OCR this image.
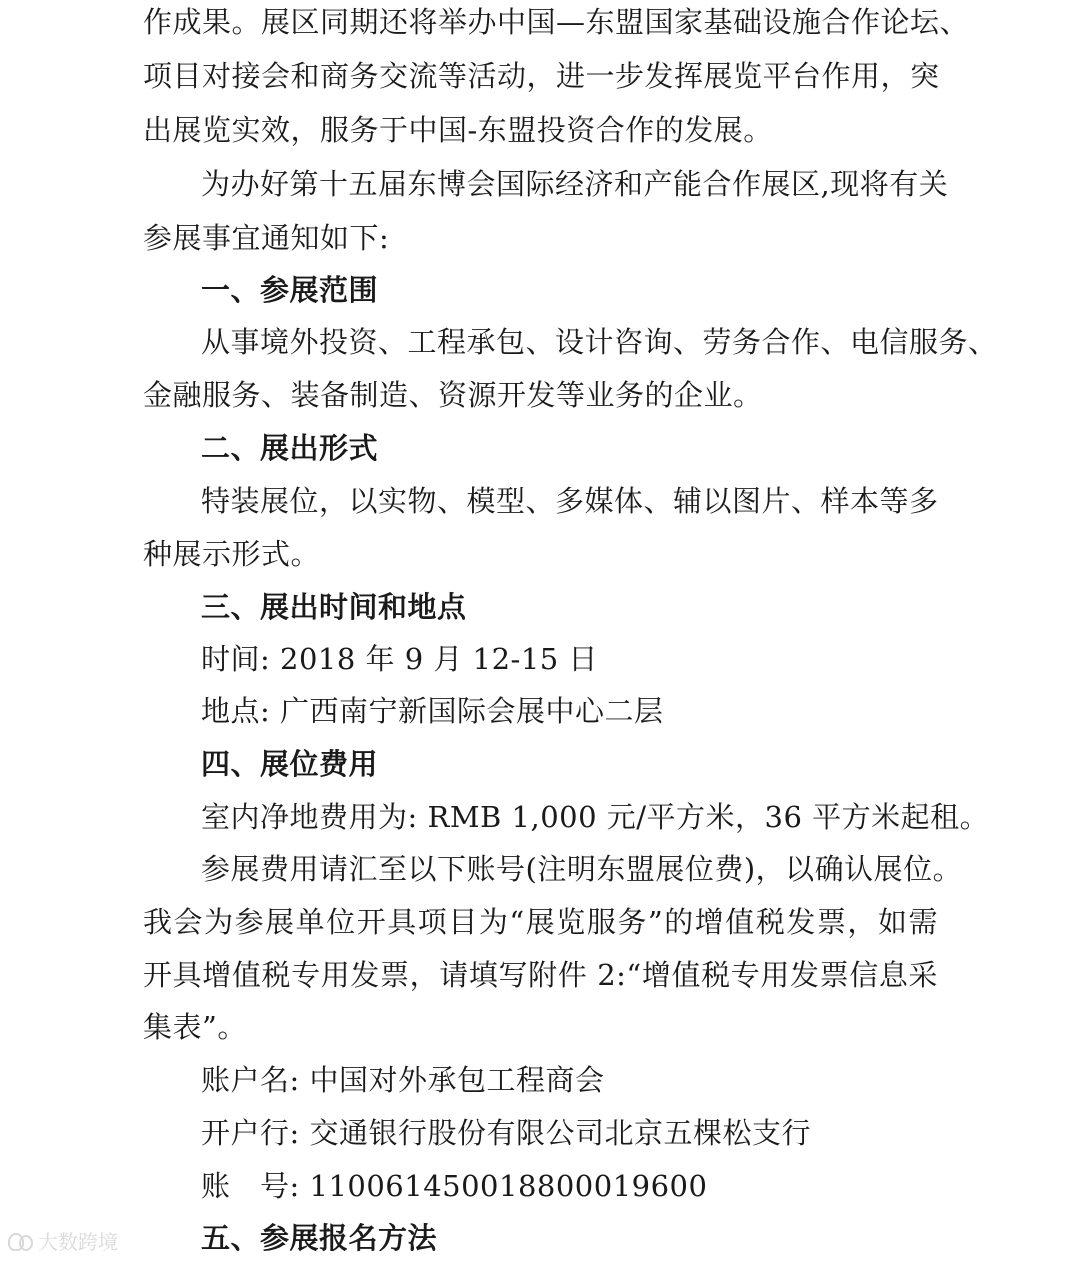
作成果。展区同期还将举办中国—东盟国家基础设施合作论坛、
项目对接会和商务交流等活动，进一步发挥展览平台作用，突
出展览实效，服务于中国-东盟投资合作的发展。
为办好第十五届东博会国际经济和产能合作展区,现将有关
参展事宜通知如下:
一、参展范围
从事境外投资、工程承包、设计咨询、劳务合作、电信服务、
金融服务、装备制造、资源开发等业务的企业。
二、展出形式
特装展位，以实物、模型、多媒体、辅以图片、样本等多
种展示形式。
三、展出时间和地点
时间: 2018 年 9 月 12-15 日
地点: 广西南宁新国际会展中心二层
四、展位费用
室内净地费用为: RMB 1,000 元/平方米，36 平方米起租。
参展费用请汇至以下账号(注明东盟展位费)，以确认展位。
我会为参展单位开具项目为“展览服务”的增值税发票，如需
开具增值税专用发票，请填写附件 2:“增值税专用发票信息采
集表”。
账户名: 中国对外承包工程商会
开户行: 交通银行股份有限公司北京五棵松支行
账　号: 110061450018800019600
五、参展报名方法
大数跨境
